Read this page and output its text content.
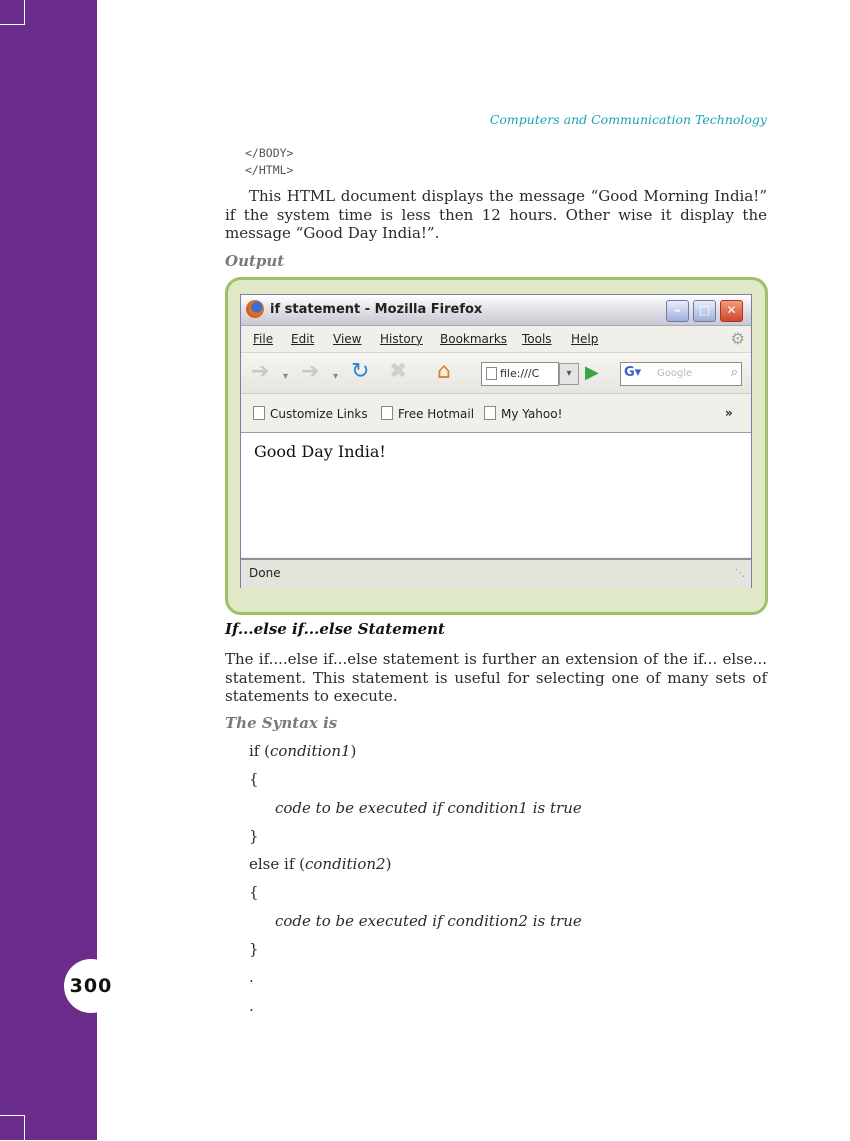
300
Computers and Communication Technology
</BODY>
</HTML>
This HTML document displays the message “Good Morning India!” if the system time is less then 12 hours. Other wise it display the message “Good Day India!”.
Output
if statement - Mozilla Firefox	–	□	✕
File Edit View History Bookmarks Tools Help	⚙
➔ ▾ ➔ ▾ ↻ ✖ ⌂	file:///C	▾ ▶ G▾ Google	⌕
Customize Links	Free Hotmail	My Yahoo!	»
Good Day India!
Done	⋱
If...else if...else Statement
The if....else if...else statement is further an extension of the if... else... statement. This statement is useful for selecting one of many sets of statements to execute.
The Syntax is
if (condition1)
{
code to be executed if condition1 is true
}
else if (condition2)
{
code to be executed if condition2 is true
}
.
.
